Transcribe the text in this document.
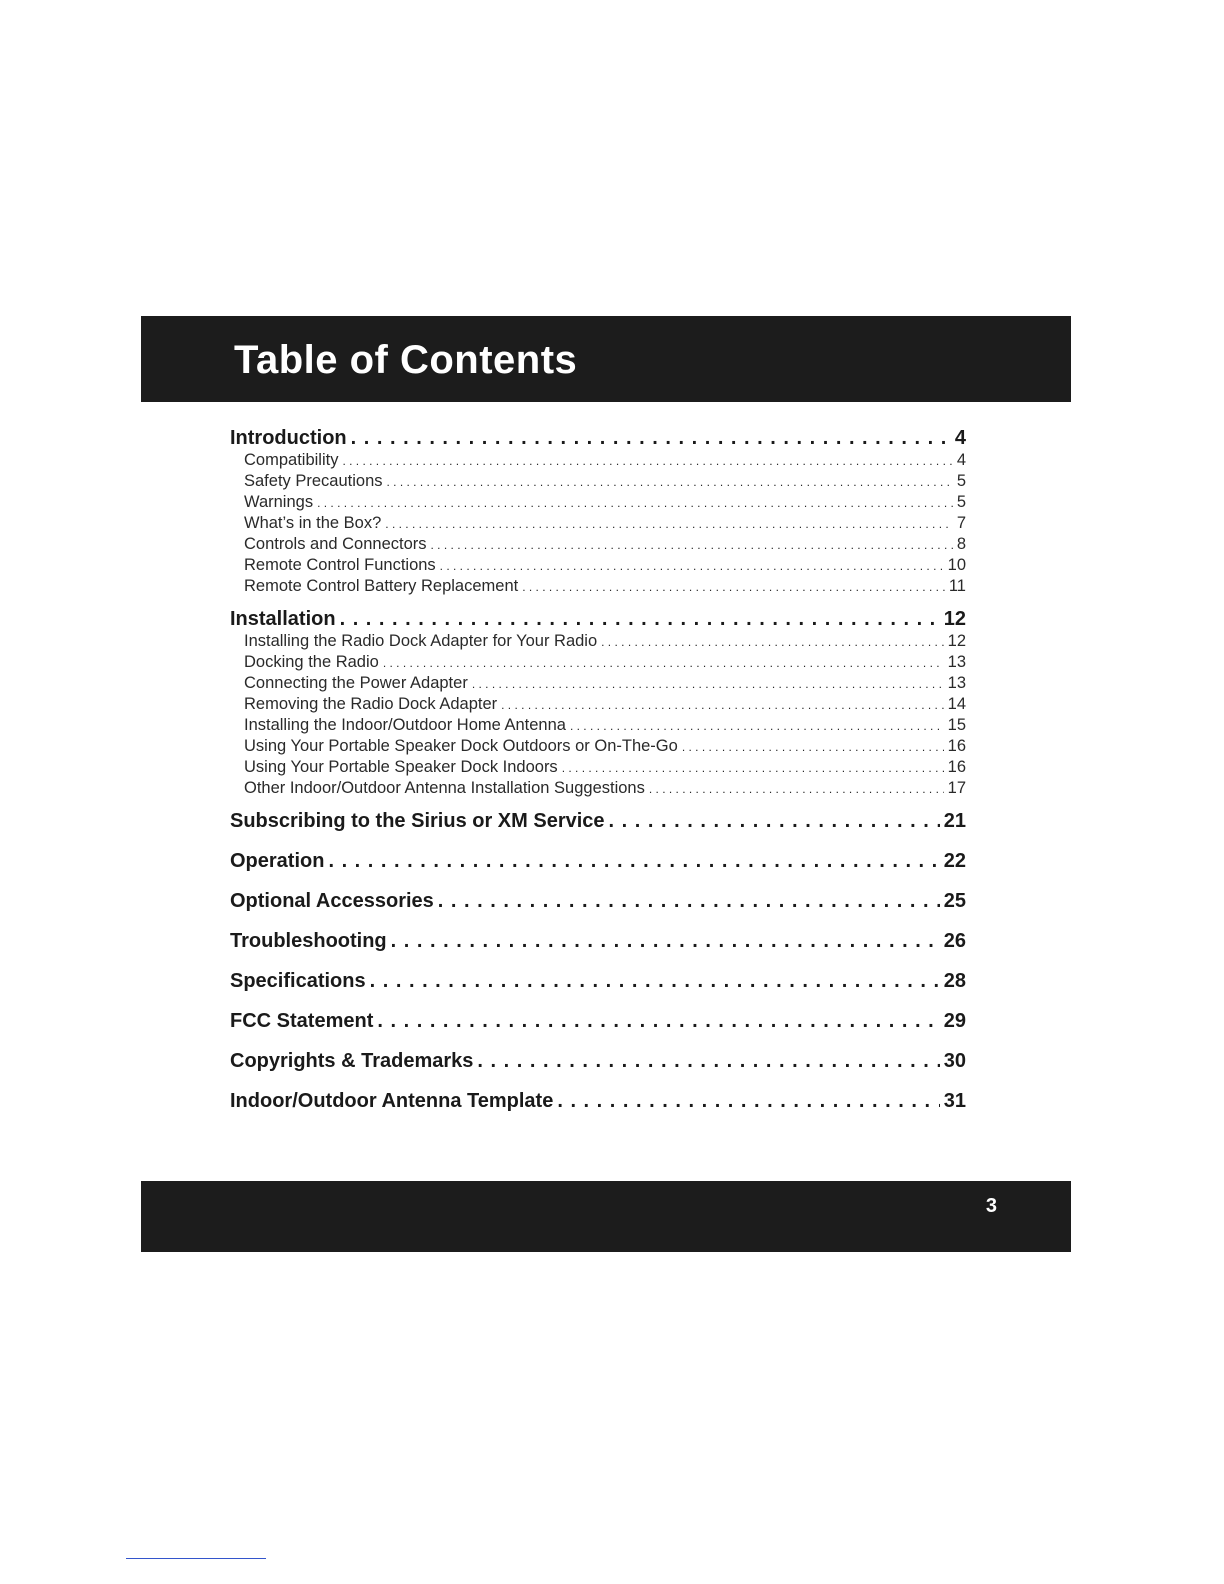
Table of Contents
Introduction . . .	4
Compatibility . . .	4
Safety Precautions . . .	5
Warnings . . .	5
What’s in the Box? . . .	7
Controls and Connectors . . .	8
Remote Control Functions . . .	10
Remote Control Battery Replacement . . .	11
Installation . . .	12
Installing the Radio Dock Adapter for Your Radio . . .	12
Docking the Radio . . .	13
Connecting the Power Adapter . . .	13
Removing the Radio Dock Adapter . . .	14
Installing the Indoor/Outdoor Home Antenna . . .	15
Using Your Portable Speaker Dock Outdoors or On-The-Go . . .	16
Using Your Portable Speaker Dock Indoors . . .	16
Other Indoor/Outdoor Antenna Installation Suggestions . . .	17
Subscribing to the Sirius or XM Service . . .	21
Operation . . .	22
Optional Accessories . . .	25
Troubleshooting . . .	26
Specifications . . .	28
FCC Statement . . .	29
Copyrights & Trademarks . . .	30
Indoor/Outdoor Antenna Template . . .	31
3
